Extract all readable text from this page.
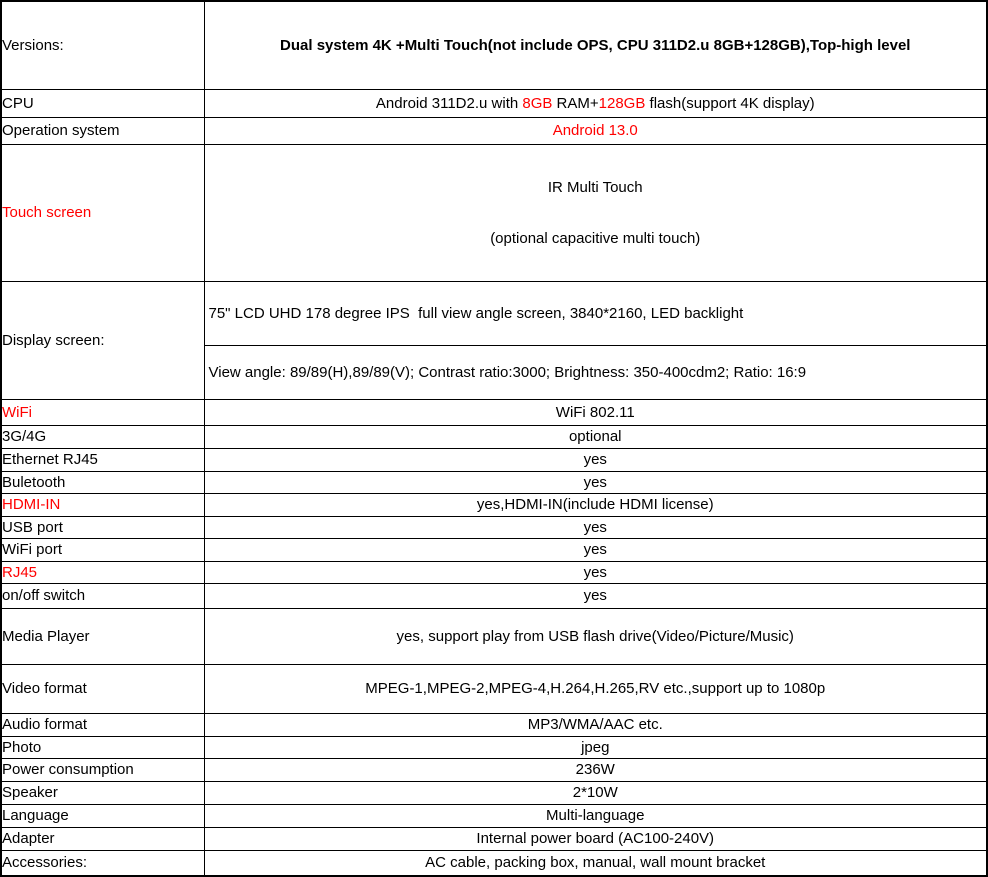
Versions:	Dual system 4K +Multi Touch(not include OPS, CPU 311D2.u 8GB+128GB),Top-high level
CPU	Android 311D2.u with 8GB RAM+128GB flash(support 4K display)
Operation system	Android 13.0
Touch screen	IR Multi Touch

(optional capacitive multi touch)

Display screen:	75" LCD UHD 178 degree IPS  full view angle screen, 3840*2160, LED backlight
	View angle: 89/89(H),89/89(V); Contrast ratio:3000; Brightness: 350-400cdm2; Ratio: 16:9
WiFi	WiFi 802.11
3G/4G	optional
Ethernet RJ45	yes
Buletooth	yes
HDMI-IN	yes,HDMI-IN(include HDMI license)
USB port	yes
WiFi port	yes
RJ45	yes
on/off switch	yes
Media Player	yes, support play from USB flash drive(Video/Picture/Music)
Video format	MPEG-1,MPEG-2,MPEG-4,H.264,H.265,RV etc.,support up to 1080p
Audio format	MP3/WMA/AAC etc.
Photo	jpeg
Power consumption	236W
Speaker	2*10W
Language	Multi-language
Adapter	Internal power board (AC100-240V)
Accessories:	AC cable, packing box, manual, wall mount bracket
